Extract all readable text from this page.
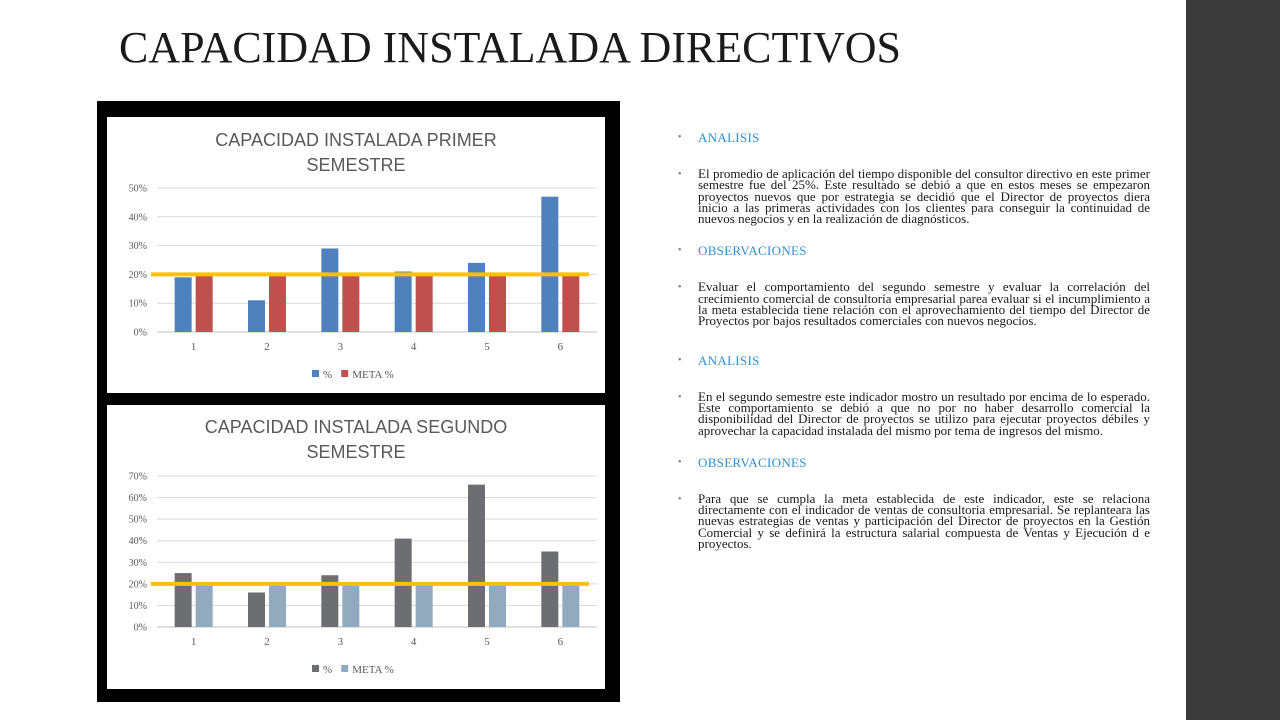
CAPACIDAD INSTALADA DIRECTIVOS
CAPACIDAD INSTALADA PRIMER
SEMESTRE
0%
10%
20%
30%
40%
50%
1	2	3	4	5	6
% META %
CAPACIDAD INSTALADA SEGUNDO
SEMESTRE
0%
10%
20%
30%
40%
50%
60%
70%
1	2	3	4	5	6
% META %

• ANALISIS

• El promedio de aplicación del tiempo disponible del consultor directivo en este primer semestre fue del 25%. Este resultado se debió a que en estos meses se empezaron proyectos nuevos que por estrategia se decidió que el Director de proyectos diera inicio a las primeras actividades con los clientes para conseguir la continuidad de nuevos negocios y en la realización de diagnósticos.

• OBSERVACIONES

• Evaluar el comportamiento del segundo semestre y evaluar la correlación del crecimiento comercial de consultoría empresarial parea evaluar si el incumplimiento a la meta establecida tiene relación con el aprovechamiento del tiempo del Director de Proyectos por bajos resultados comerciales con nuevos negocios.

• ANALISIS

• En el segundo semestre este indicador mostro un resultado por encima de lo esperado. Este comportamiento se debió a que no por no haber desarrollo comercial la disponibilidad del Director de proyectos se utilizo para ejecutar proyectos débiles y aprovechar la capacidad instalada del mismo por tema de ingresos del mismo.

• OBSERVACIONES

• Para que se cumpla la meta establecida de este indicador, este se relaciona directamente con el indicador de ventas de consultoria empresarial. Se replanteara las nuevas estrategias de ventas y participación del Director de proyectos en la Gestión Comercial y se definirá la estructura salarial compuesta de Ventas y Ejecución d e proyectos.
